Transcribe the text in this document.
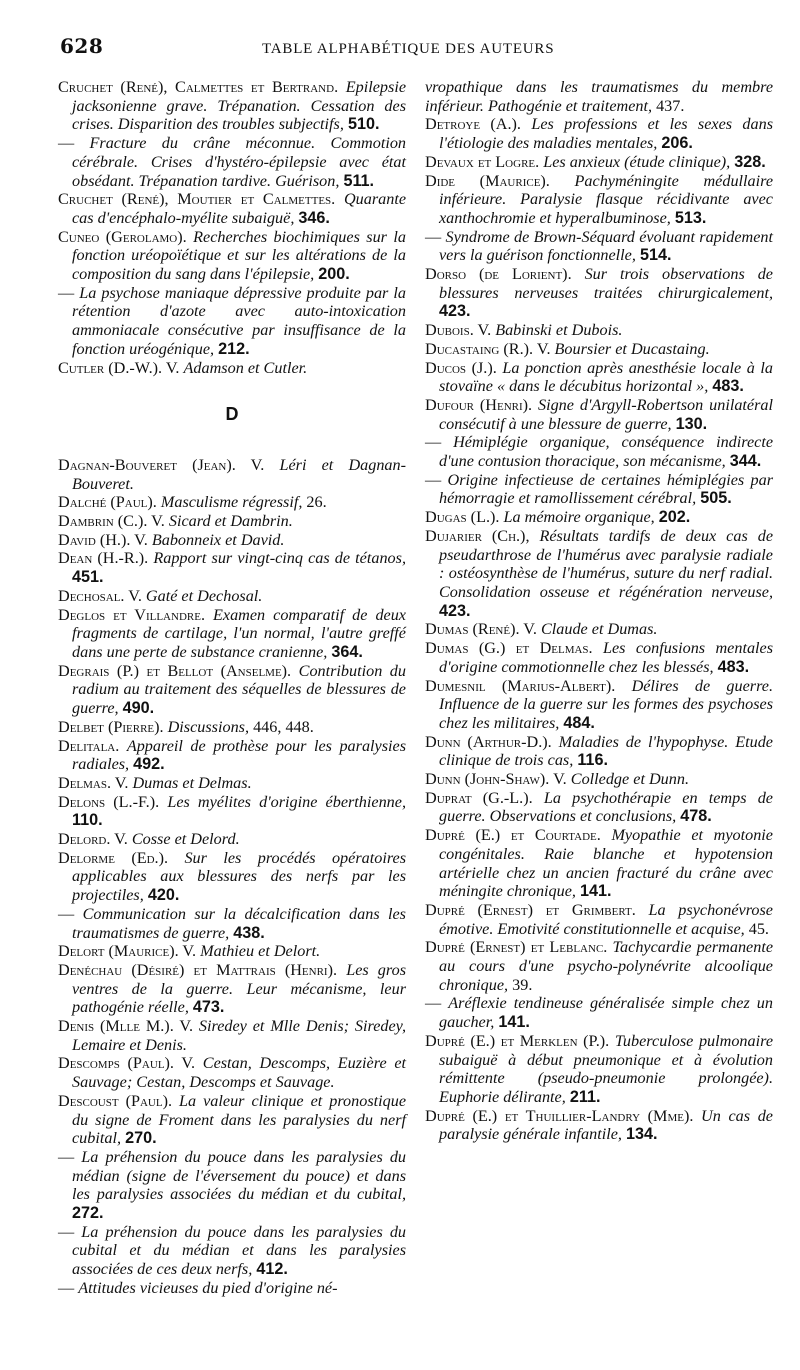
628	TABLE ALPHABÉTIQUE DES AUTEURS

Cruchet (René), Calmettes et Bertrand. Epilepsie jacksonienne grave. Trépanation. Cessation des crises. Disparition des troubles subjectifs, 510.

— Fracture du crâne méconnue. Commotion cérébrale. Crises d'hystéro-épilepsie avec état obsédant. Trépanation tardive. Guérison, 511.

Cruchet (René), Moutier et Calmettes. Quarante cas d'encéphalo-myélite subaiguë, 346.

Cuneo (Gerolamo). Recherches biochimiques sur la fonction uréopoïétique et sur les altérations de la composition du sang dans l'épilepsie, 200.

— La psychose maniaque dépressive produite par la rétention d'azote avec auto-intoxication ammoniacale consécutive par insuffisance de la fonction uréogénique, 212.

Cutler (D.-W.). V. Adamson et Cutler.

D

Dagnan-Bouveret (Jean). V. Léri et Dagnan-Bouveret.

Dalché (Paul). Masculisme régressif, 26.

Dambrin (C.). V. Sicard et Dambrin.

David (H.). V. Babonneix et David.

Dean (H.-R.). Rapport sur vingt-cinq cas de tétanos, 451.

Dechosal. V. Gaté et Dechosal.

Deglos et Villandre. Examen comparatif de deux fragments de cartilage, l'un normal, l'autre greffé dans une perte de substance cranienne, 364.

Degrais (P.) et Bellot (Anselme). Contribution du radium au traitement des séquelles de blessures de guerre, 490.

Delbet (Pierre). Discussions, 446, 448.

Delitala. Appareil de prothèse pour les paralysies radiales, 492.

Delmas. V. Dumas et Delmas.

Delons (L.-F.). Les myélites d'origine éberthienne, 110.

Delord. V. Cosse et Delord.

Delorme (Ed.). Sur les procédés opératoires applicables aux blessures des nerfs par les projectiles, 420.

— Communication sur la décalcification dans les traumatismes de guerre, 438.

Delort (Maurice). V. Mathieu et Delort.

Denéchau (Désiré) et Mattrais (Henri). Les gros ventres de la guerre. Leur mécanisme, leur pathogénie réelle, 473.

Denis (Mlle M.). V. Siredey et Mlle Denis; Siredey, Lemaire et Denis.

Descomps (Paul). V. Cestan, Descomps, Euzière et Sauvage; Cestan, Descomps et Sauvage.

Descoust (Paul). La valeur clinique et pronostique du signe de Froment dans les paralysies du nerf cubital, 270.

— La préhension du pouce dans les paralysies du médian (signe de l'éversement du pouce) et dans les paralysies associées du médian et du cubital, 272.

— La préhension du pouce dans les paralysies du cubital et du médian et dans les paralysies associées de ces deux nerfs, 412.

— Attitudes vicieuses du pied d'origine né-

vropathique dans les traumatismes du membre inférieur. Pathogénie et traitement, 437.

Detroye (A.). Les professions et les sexes dans l'étiologie des maladies mentales, 206.

Devaux et Logre. Les anxieux (étude clinique), 328.

Dide (Maurice). Pachyméningite médullaire inférieure. Paralysie flasque récidivante avec xanthochromie et hyperalbuminose, 513.

— Syndrome de Brown-Séquard évoluant rapidement vers la guérison fonctionnelle, 514.

Dorso (de Lorient). Sur trois observations de blessures nerveuses traitées chirurgicalement, 423.

Dubois. V. Babinski et Dubois.

Ducastaing (R.). V. Boursier et Ducastaing.

Ducos (J.). La ponction après anesthésie locale à la stovaïne « dans le décubitus horizontal », 483.

Dufour (Henri). Signe d'Argyll-Robertson unilatéral consécutif à une blessure de guerre, 130.

— Hémiplégie organique, conséquence indirecte d'une contusion thoracique, son mécanisme, 344.

— Origine infectieuse de certaines hémiplégies par hémorragie et ramollissement cérébral, 505.

Dugas (L.). La mémoire organique, 202.

Dujarier (Ch.), Résultats tardifs de deux cas de pseudarthrose de l'humérus avec paralysie radiale : ostéosynthèse de l'humérus, suture du nerf radial. Consolidation osseuse et régénération nerveuse, 423.

Dumas (René). V. Claude et Dumas.

Dumas (G.) et Delmas. Les confusions mentales d'origine commotionnelle chez les blessés, 483.

Dumesnil (Marius-Albert). Délires de guerre. Influence de la guerre sur les formes des psychoses chez les militaires, 484.

Dunn (Arthur-D.). Maladies de l'hypophyse. Etude clinique de trois cas, 116.

Dunn (John-Shaw). V. Colledge et Dunn.

Duprat (G.-L.). La psychothérapie en temps de guerre. Observations et conclusions, 478.

Dupré (E.) et Courtade. Myopathie et myotonie congénitales. Raie blanche et hypotension artérielle chez un ancien fracturé du crâne avec méningite chronique, 141.

Dupré (Ernest) et Grimbert. La psychonévrose émotive. Emotivité constitutionnelle et acquise, 45.

Dupré (Ernest) et Leblanc. Tachycardie permanente au cours d'une psycho-polynévrite alcoolique chronique, 39.

— Aréflexie tendineuse généralisée simple chez un gaucher, 141.

Dupré (E.) et Merklen (P.). Tuberculose pulmonaire subaiguë à début pneumonique et à évolution rémittente (pseudo-pneumonie prolongée). Euphorie délirante, 211.

Dupré (E.) et Thuillier-Landry (Mme). Un cas de paralysie générale infantile, 134.
